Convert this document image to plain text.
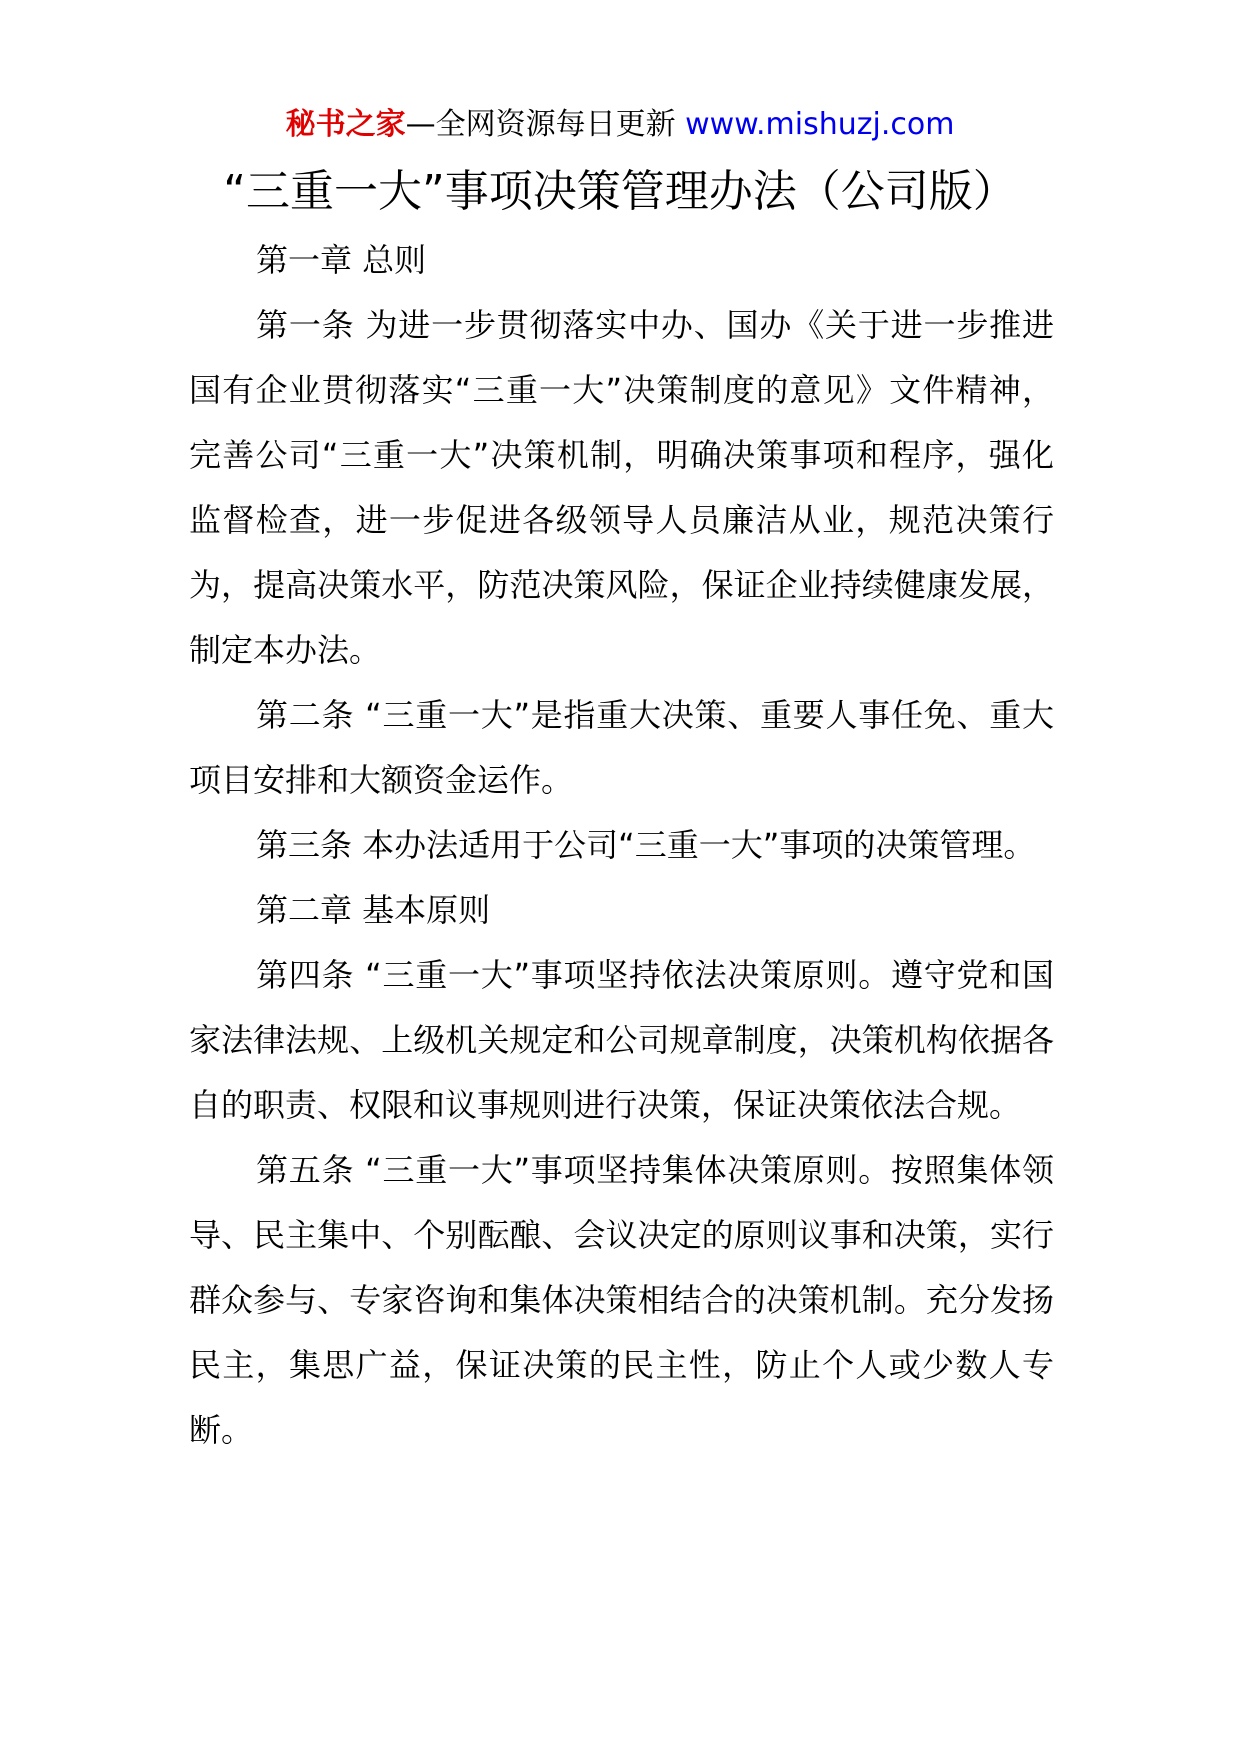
秘书之家—全网资源每日更新 www.mishuzj.com
“三重一大”事项决策管理办法（公司版）

第一章 总则

第一条 为进一步贯彻落实中办、国办《关于进一步推进国有企业贯彻落实“三重一大”决策制度的意见》文件精神，完善公司“三重一大”决策机制，明确决策事项和程序，强化监督检查，进一步促进各级领导人员廉洁从业，规范决策行为，提高决策水平，防范决策风险，保证企业持续健康发展，制定本办法。

第二条 “三重一大”是指重大决策、重要人事任免、重大项目安排和大额资金运作。

第三条 本办法适用于公司“三重一大”事项的决策管理。

第二章 基本原则

第四条 “三重一大”事项坚持依法决策原则。遵守党和国家法律法规、上级机关规定和公司规章制度，决策机构依据各自的职责、权限和议事规则进行决策，保证决策依法合规。

第五条 “三重一大”事项坚持集体决策原则。按照集体领导、民主集中、个别酝酿、会议决定的原则议事和决策，实行群众参与、专家咨询和集体决策相结合的决策机制。充分发扬民主，集思广益，保证决策的民主性，防止个人或少数人专断。
